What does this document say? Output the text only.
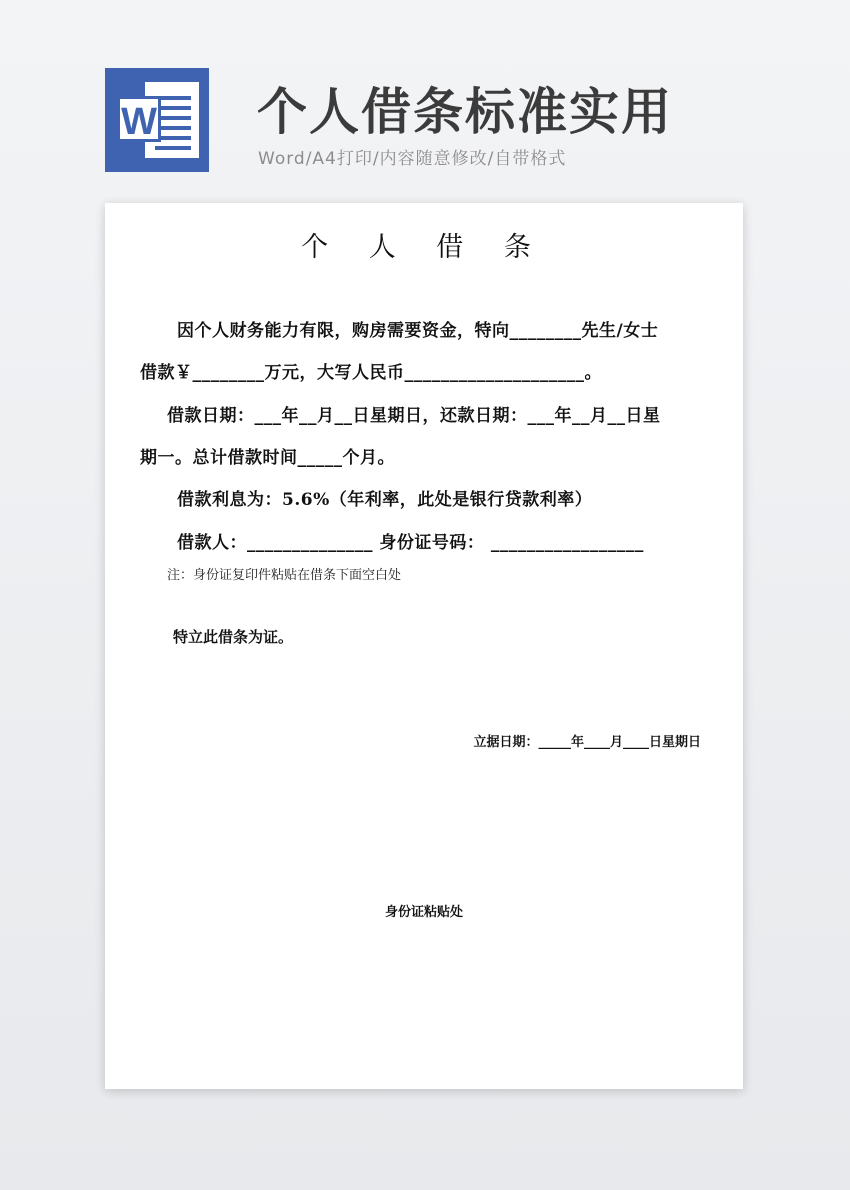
W 个人借条标准实用
Word/A4打印/内容随意修改/自带格式
个 人 借 条
因个人财务能力有限，购房需要资金，特向________先生/女士
借款￥________万元，大写人民币____________________。
借款日期：___年__月__日星期日，还款日期：___年__月__日星
期一。总计借款时间_____个月。
借款利息为：5.6%（年利率，此处是银行贷款利率）
借款人：______________ 身份证号码： _________________
注：身份证复印件粘贴在借条下面空白处
特立此借条为证。
立据日期：_____年____月____日星期日
身份证粘贴处
